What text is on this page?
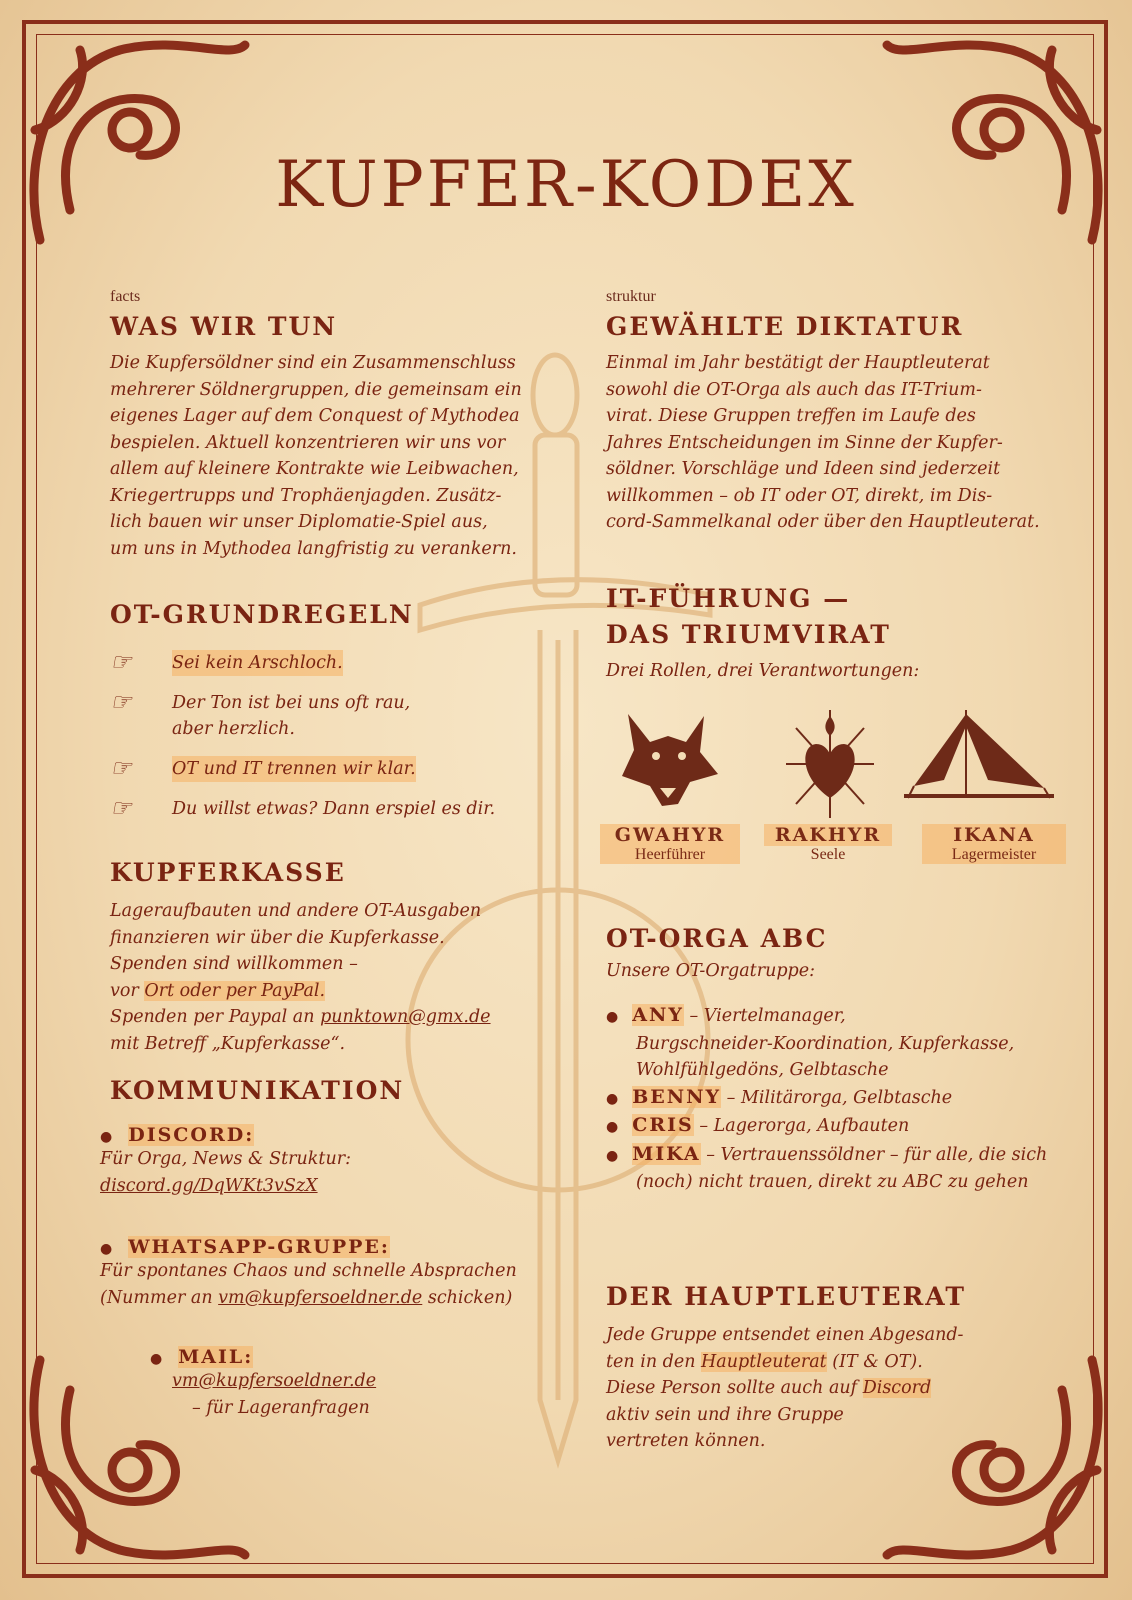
KUPFER-KODEX
facts
WAS WIR TUN
Die Kupfersöldner sind ein Zusammenschluss
mehrerer Söldnergruppen, die gemeinsam ein
eigenes Lager auf dem Conquest of Mythodea
bespielen. Aktuell konzentrieren wir uns vor
allem auf kleinere Kontrakte wie Leibwachen,
Kriegertrupps und Trophäenjagden. Zusätz-
lich bauen wir unser Diplomatie-Spiel aus,
um uns in Mythodea langfristig zu verankern.
OT-GRUNDREGELN
☞	Sei kein Arschloch.
☞	Der Ton ist bei uns oft rau,
aber herzlich.
☞	OT und IT trennen wir klar.
☞	Du willst etwas? Dann erspiel es dir.
KUPFERKASSE
Lageraufbauten und andere OT-Ausgaben
finanzieren wir über die Kupferkasse.
Spenden sind willkommen –
vor Ort oder per PayPal.
Spenden per Paypal an punktown@gmx.de
mit Betreff „Kupferkasse“.
KOMMUNIKATION
● DISCORD:
Für Orga, News & Struktur:
discord.gg/DqWKt3vSzX
● WHATSAPP-GRUPPE:
Für spontanes Chaos und schnelle Absprachen
(Nummer an vm@kupfersoeldner.de schicken)
● MAIL:
vm@kupfersoeldner.de
– für Lageranfragen
struktur
GEWÄHLTE DIKTATUR
Einmal im Jahr bestätigt der Hauptleuterat
sowohl die OT-Orga als auch das IT-Trium-
virat. Diese Gruppen treffen im Laufe des
Jahres Entscheidungen im Sinne der Kupfer-
söldner. Vorschläge und Ideen sind jederzeit
willkommen – ob IT oder OT, direkt, im Dis-
cord-Sammelkanal oder über den Hauptleuterat.
IT-FÜHRUNG —
DAS TRIUMVIRAT
Drei Rollen, drei Verantwortungen:
GWAHYR
Heerführer
RAKHYR
Seele
IKANA
Lagermeister
OT-ORGA ABC
Unsere OT-Orgatruppe:
● ANY – Viertelmanager,
Burgschneider-Koordination, Kupferkasse,
Wohlfühlgedöns, Gelbtasche
● BENNY – Militärorga, Gelbtasche
● CRIS – Lagerorga, Aufbauten
● MIKA – Vertrauenssöldner – für alle, die sich
(noch) nicht trauen, direkt zu ABC zu gehen
DER HAUPTLEUTERAT
Jede Gruppe entsendet einen Abgesand-
ten in den Hauptleuterat (IT & OT).
Diese Person sollte auch auf Discord
aktiv sein und ihre Gruppe
vertreten können.
